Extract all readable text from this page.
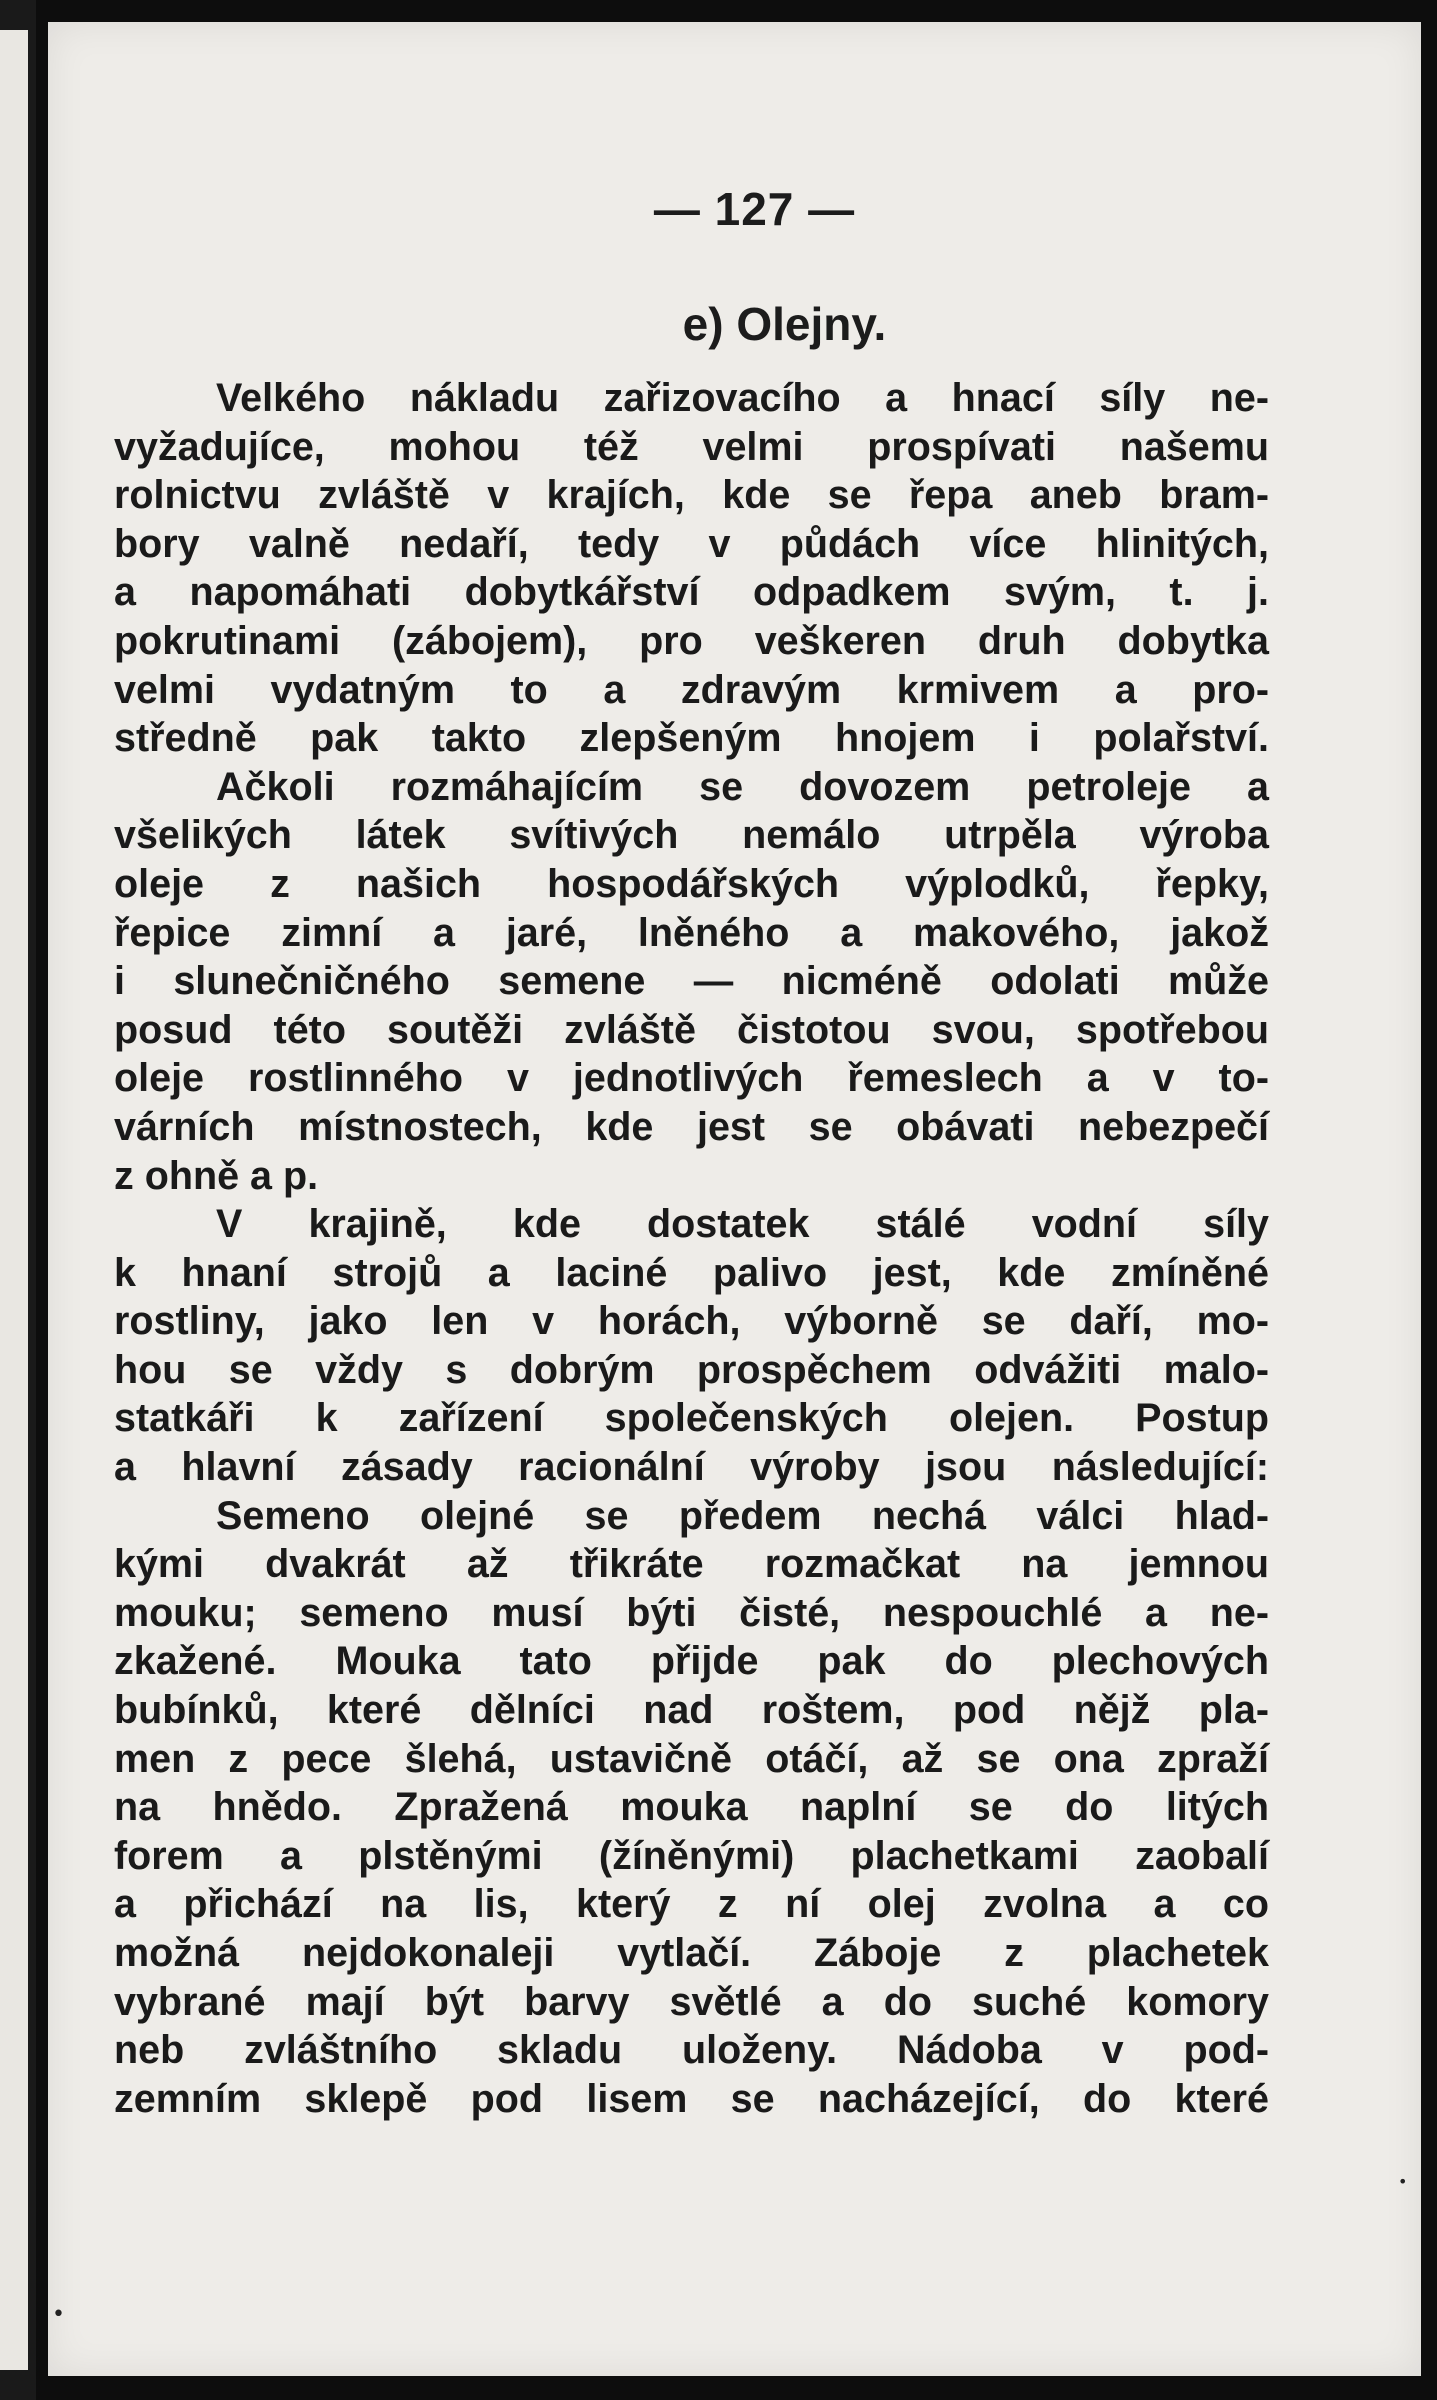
— 127 —
e) Olejny.
Velkého nákladu zařizovacího a hnací síly ne-
vyžadujíce, mohou též velmi prospívati našemu
rolnictvu zvláště v krajích, kde se řepa aneb bram-
bory valně nedaří, tedy v půdách více hlinitých,
a napomáhati dobytkářství odpadkem svým, t. j.
pokrutinami (zábojem), pro veškeren druh dobytka
velmi vydatným to a zdravým krmivem a pro-
středně pak takto zlepšeným hnojem i polařství.
Ačkoli rozmáhajícím se dovozem petroleje a
všelikých látek svítivých nemálo utrpěla výroba
oleje z našich hospodářských výplodků, řepky,
řepice zimní a jaré, lněného a makového, jakož
i slunečničného semene — nicméně odolati může
posud této soutěži zvláště čistotou svou, spotřebou
oleje rostlinného v jednotlivých řemeslech a v to-
várních místnostech, kde jest se obávati nebezpečí
z ohně a p.
V krajině, kde dostatek stálé vodní síly
k hnaní strojů a laciné palivo jest, kde zmíněné
rostliny, jako len v horách, výborně se daří, mo-
hou se vždy s dobrým prospěchem odvážiti malo-
statkáři k zařízení společenských olejen. Postup
a hlavní zásady racionální výroby jsou následující:
Semeno olejné se předem nechá válci hlad-
kými dvakrát až třikráte rozmačkat na jemnou
mouku; semeno musí býti čisté, nespouchlé a ne-
zkažené. Mouka tato přijde pak do plechových
bubínků, které dělníci nad roštem, pod nějž pla-
men z pece šlehá, ustavičně otáčí, až se ona zpraží
na hnědo. Zpražená mouka naplní se do litých
forem a plstěnými (žíněnými) plachetkami zaobalí
a přichází na lis, který z ní olej zvolna a co
možná nejdokonaleji vytlačí. Záboje z plachetek
vybrané mají být barvy světlé a do suché komory
neb zvláštního skladu uloženy. Nádoba v pod-
zemním sklepě pod lisem se nacházející, do které
•
•
